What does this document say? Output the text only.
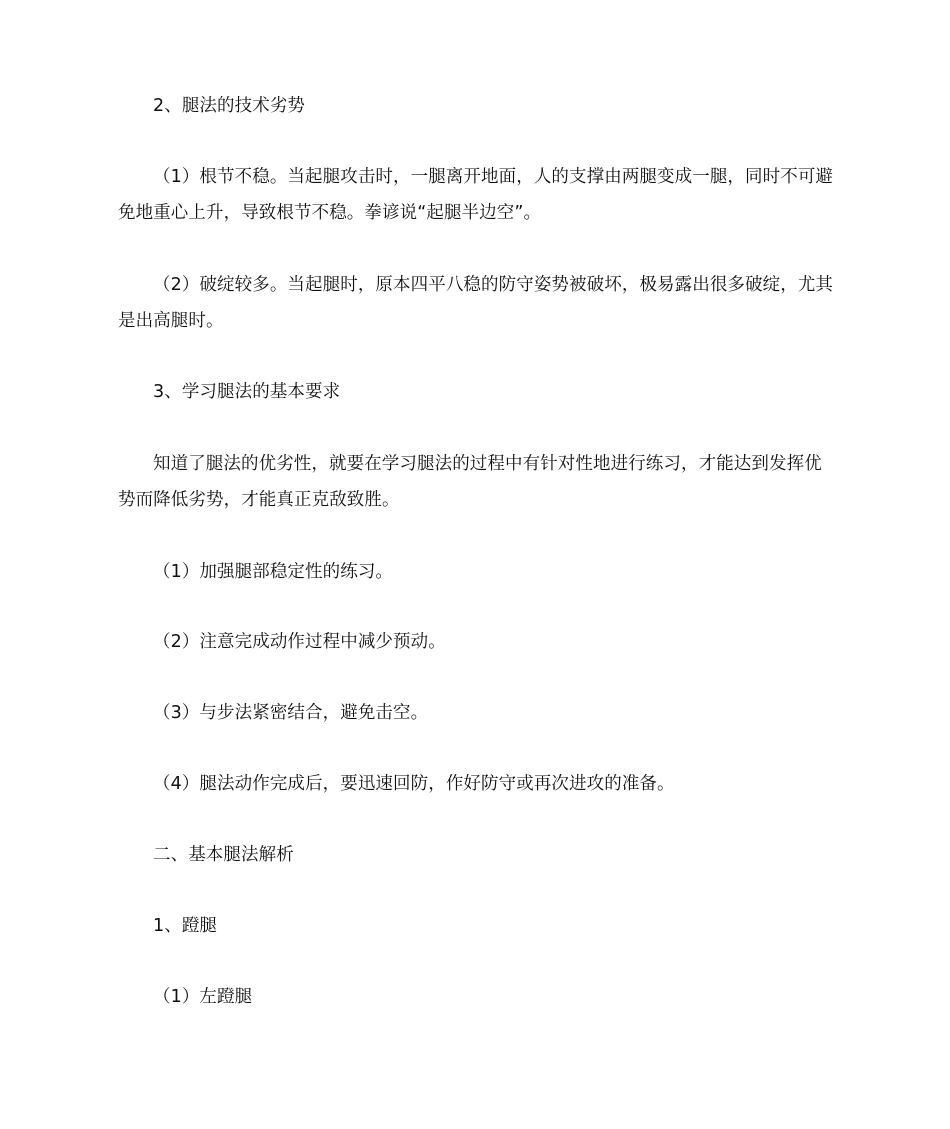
2、腿法的技术劣势
（1）根节不稳。当起腿攻击时，一腿离开地面，人的支撑由两腿变成一腿，同时不可避免地重心上升，导致根节不稳。拳谚说“起腿半边空”。
（2）破绽较多。当起腿时，原本四平八稳的防守姿势被破坏，极易露出很多破绽，尤其是出高腿时。
3、学习腿法的基本要求
知道了腿法的优劣性，就要在学习腿法的过程中有针对性地进行练习，才能达到发挥优势而降低劣势，才能真正克敌致胜。
（1）加强腿部稳定性的练习。
（2）注意完成动作过程中减少预动。
（3）与步法紧密结合，避免击空。
（4）腿法动作完成后，要迅速回防，作好防守或再次进攻的准备。
二、基本腿法解析
1、蹬腿
（1）左蹬腿
